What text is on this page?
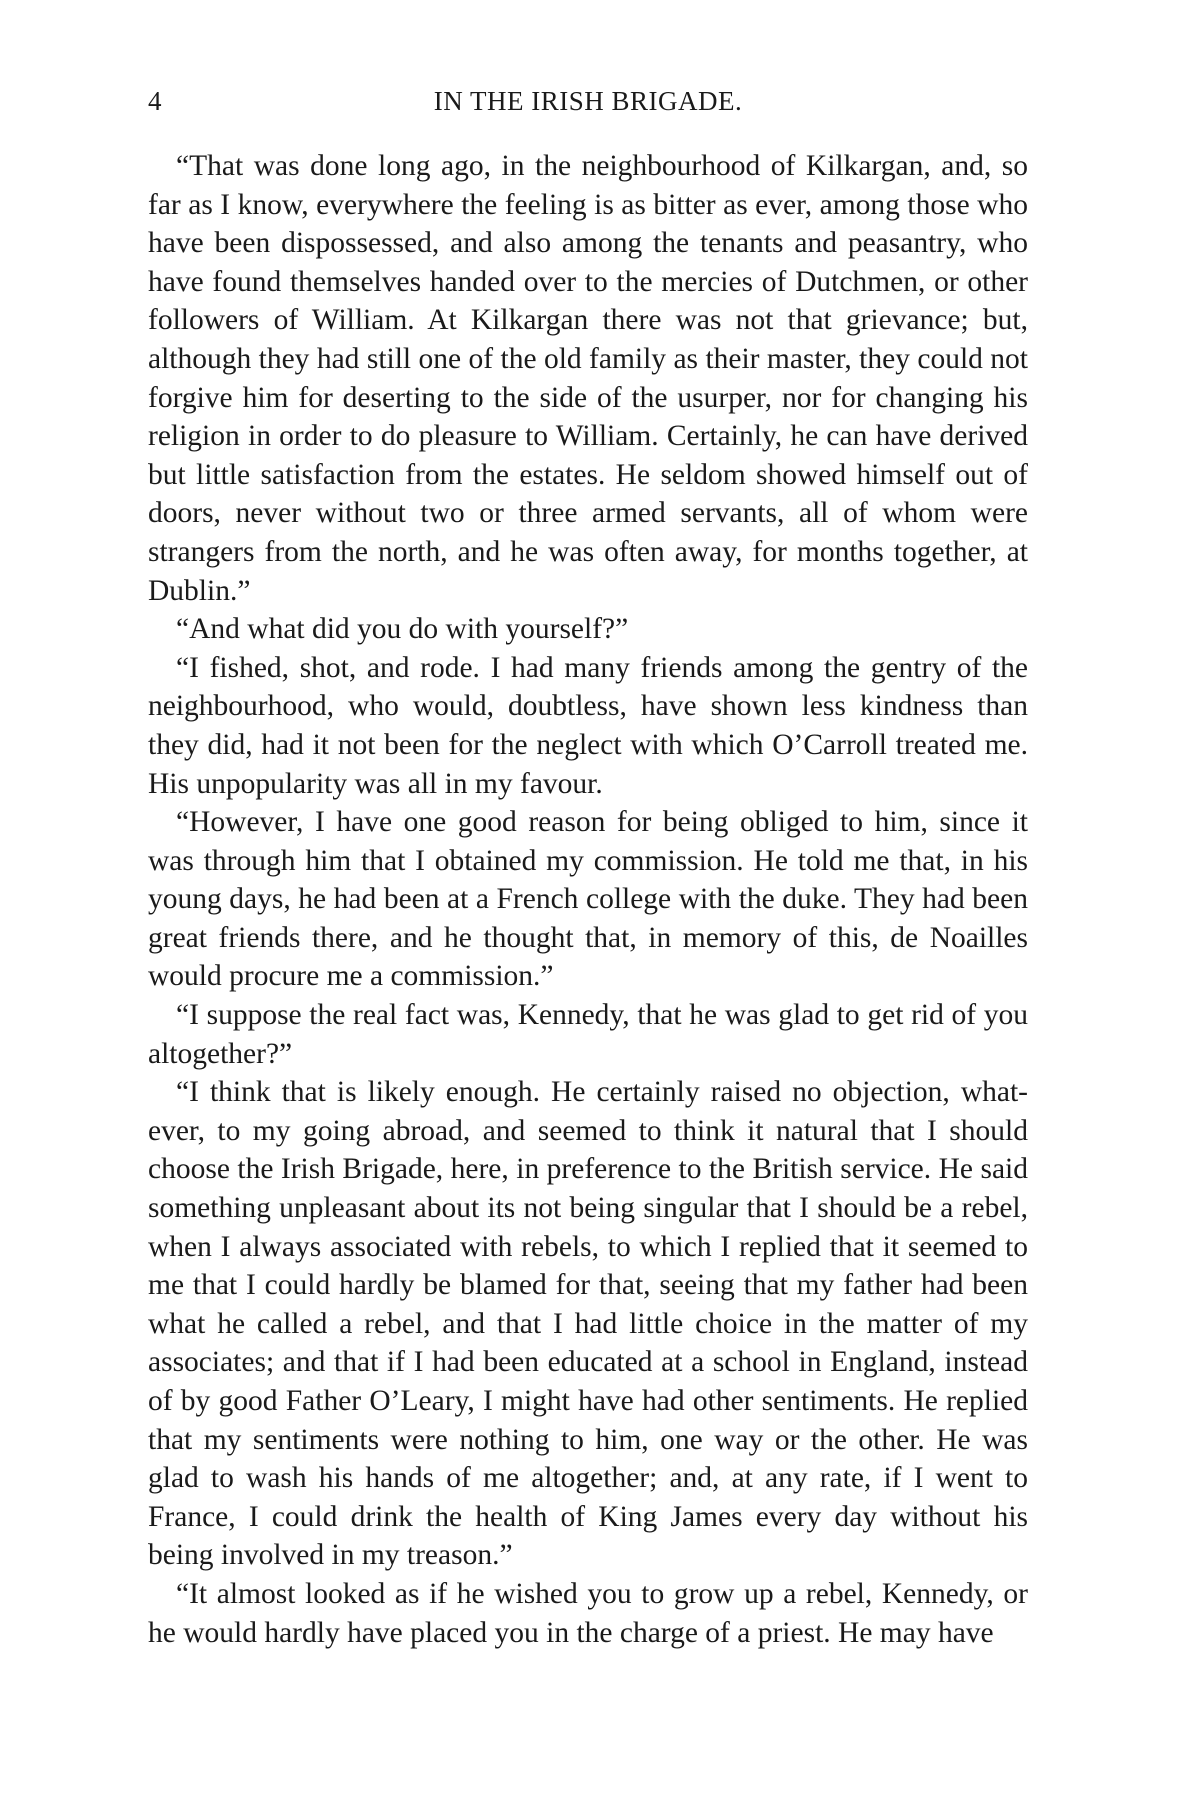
4	IN THE IRISH BRIGADE.

“That was done long ago, in the neighbourhood of Kilkargan, and, so far as I know, everywhere the feeling is as bitter as ever, among those who have been dispossessed, and also among the tenants and peasantry, who have found themselves handed over to the mercies of Dutchmen, or other followers of William. At Kilkargan there was not that grievance; but, although they had still one of the old family as their master, they could not forgive him for deserting to the side of the usurper, nor for changing his religion in order to do pleasure to William. Certainly, he can have derived but little satisfaction from the estates. He seldom showed himself out of doors, never without two or three armed servants, all of whom were strangers from the north, and he was often away, for months together, at Dublin.”

“And what did you do with yourself?”

“I fished, shot, and rode. I had many friends among the gentry of the neighbourhood, who would, doubtless, have shown less kindness than they did, had it not been for the neglect with which O’Carroll treated me. His unpopularity was all in my favour.

“However, I have one good reason for being obliged to him, since it was through him that I obtained my commission. He told me that, in his young days, he had been at a French college with the duke. They had been great friends there, and he thought that, in memory of this, de Noailles would procure me a commission.”

“I suppose the real fact was, Kennedy, that he was glad to get rid of you altogether?”

“I think that is likely enough. He certainly raised no objection, whatever, to my going abroad, and seemed to think it natural that I should choose the Irish Brigade, here, in preference to the British service. He said something unpleasant about its not being singular that I should be a rebel, when I always associated with rebels, to which I replied that it seemed to me that I could hardly be blamed for that, seeing that my father had been what he called a rebel, and that I had little choice in the matter of my associates; and that if I had been educated at a school in England, instead of by good Father O’Leary, I might have had other sentiments. He replied that my sentiments were nothing to him, one way or the other. He was glad to wash his hands of me altogether; and, at any rate, if I went to France, I could drink the health of King James every day without his being involved in my treason.”

“It almost looked as if he wished you to grow up a rebel, Kennedy, or he would hardly have placed you in the charge of a priest. He may have
